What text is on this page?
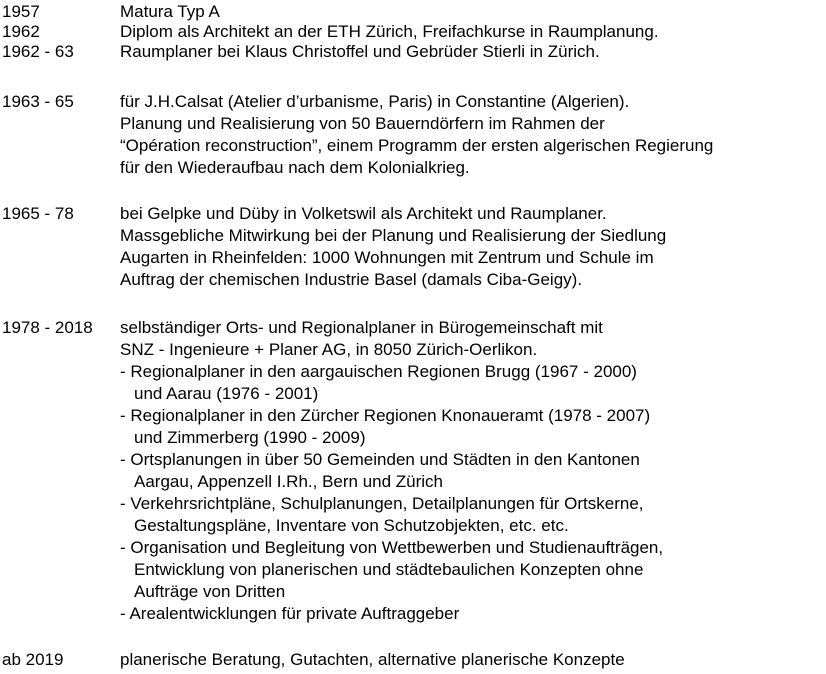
1957	Matura Typ A
1962	Diplom als Architekt an der ETH Zürich, Freifachkurse in Raumplanung.
1962 - 63	Raumplaner bei Klaus Christoffel und Gebrüder Stierli in Zürich.
1963 - 65	für J.H.Calsat (Atelier d’urbanisme, Paris) in Constantine (Algerien).
Planung und Realisierung von 50 Bauerndörfern im Rahmen der
“Opération reconstruction”, einem Programm der ersten algerischen Regierung
für den Wiederaufbau nach dem Kolonialkrieg.
1965 - 78	bei Gelpke und Düby in Volketswil als Architekt und Raumplaner.
Massgebliche Mitwirkung bei der Planung und Realisierung der Siedlung
Augarten in Rheinfelden: 1000 Wohnungen mit Zentrum und Schule im
Auftrag der chemischen Industrie Basel (damals Ciba-Geigy).
1978 - 2018 selbständiger Orts- und Regionalplaner in Bürogemeinschaft mit
SNZ - Ingenieure + Planer AG, in 8050 Zürich-Oerlikon.
- Regionalplaner in den aargauischen Regionen Brugg (1967 - 2000)
und Aarau (1976 - 2001)
- Regionalplaner in den Zürcher Regionen Knonaueramt (1978 - 2007)
und Zimmerberg (1990 - 2009)
- Ortsplanungen in über 50 Gemeinden und Städten in den Kantonen
Aargau, Appenzell I.Rh., Bern und Zürich
- Verkehrsrichtpläne, Schulplanungen, Detailplanungen für Ortskerne,
Gestaltungspläne, Inventare von Schutzobjekten, etc. etc.
- Organisation und Begleitung von Wettbewerben und Studienaufträgen,
Entwicklung von planerischen und städtebaulichen Konzepten ohne
Aufträge von Dritten
- Arealentwicklungen für private Auftraggeber
ab 2019	planerische Beratung, Gutachten, alternative planerische Konzepte
